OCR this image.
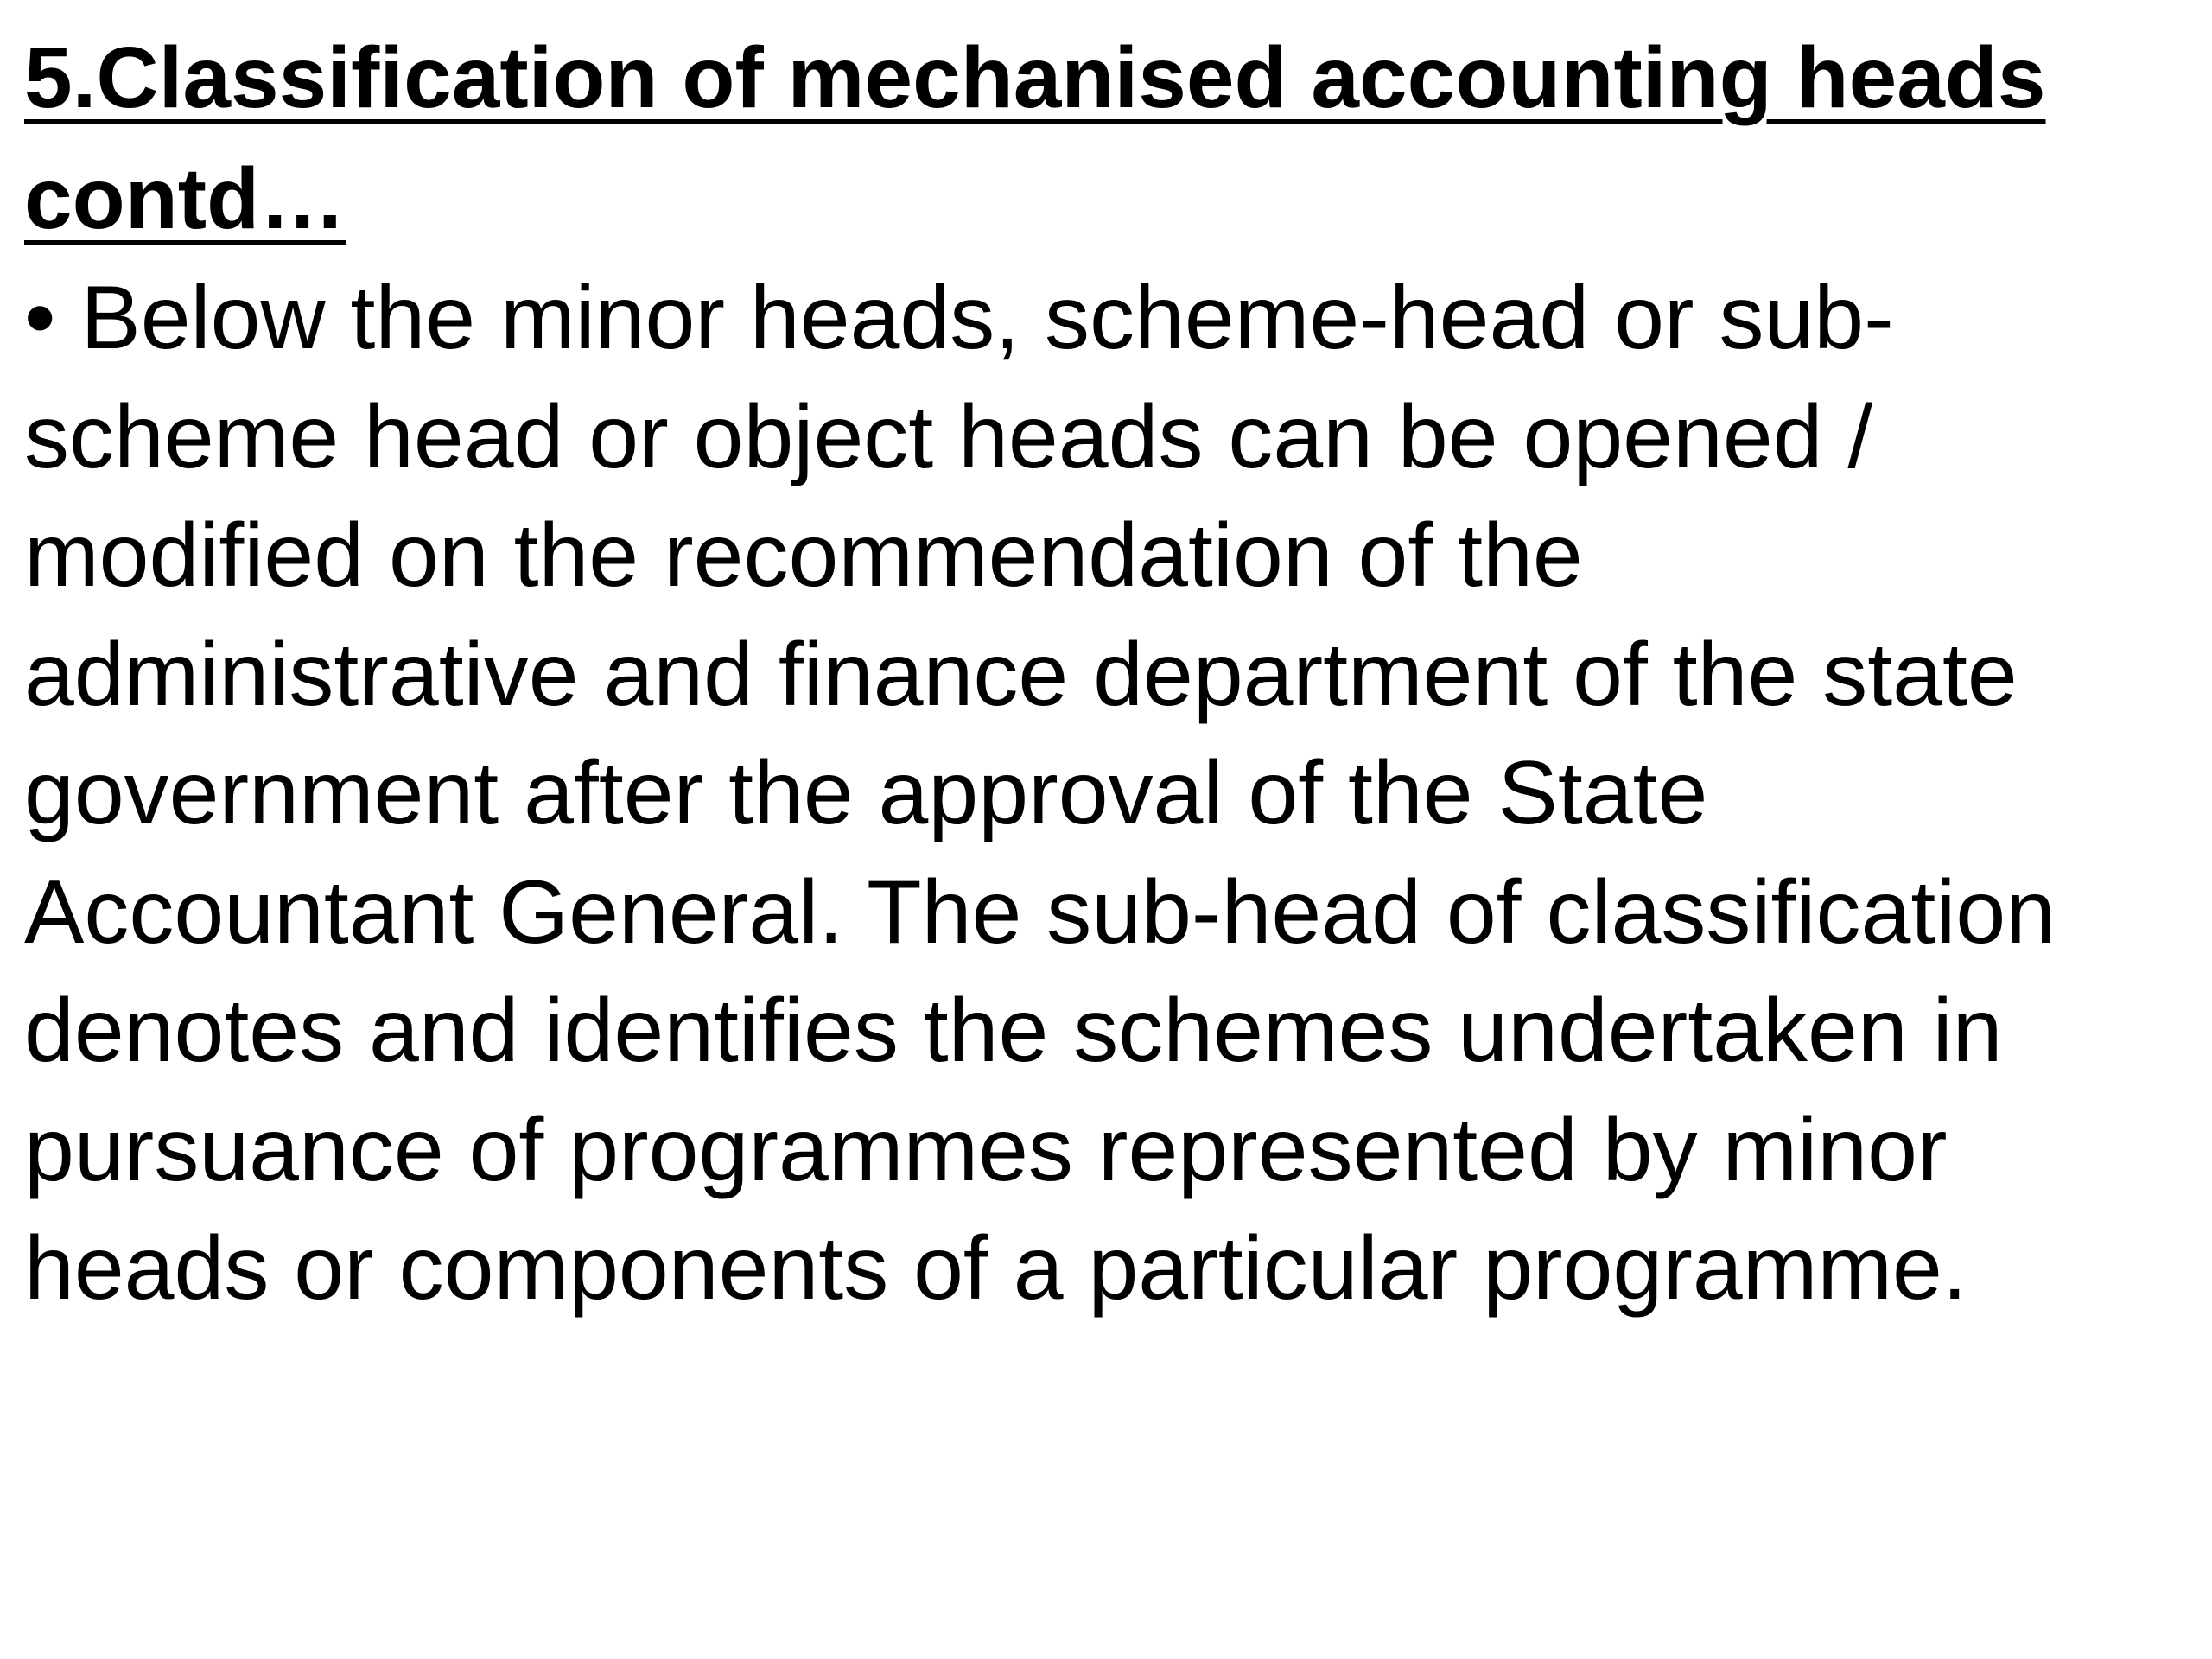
5.Classification of mechanised accounting heads contd…
• Below the minor heads, scheme-head or sub-scheme head or object heads can be opened / modified on the recommendation of the administrative and finance department of the state government after the approval of the State Accountant General. The sub-head of classification denotes and identifies the schemes undertaken in pursuance of programmes represented by minor heads or components of a particular programme.
